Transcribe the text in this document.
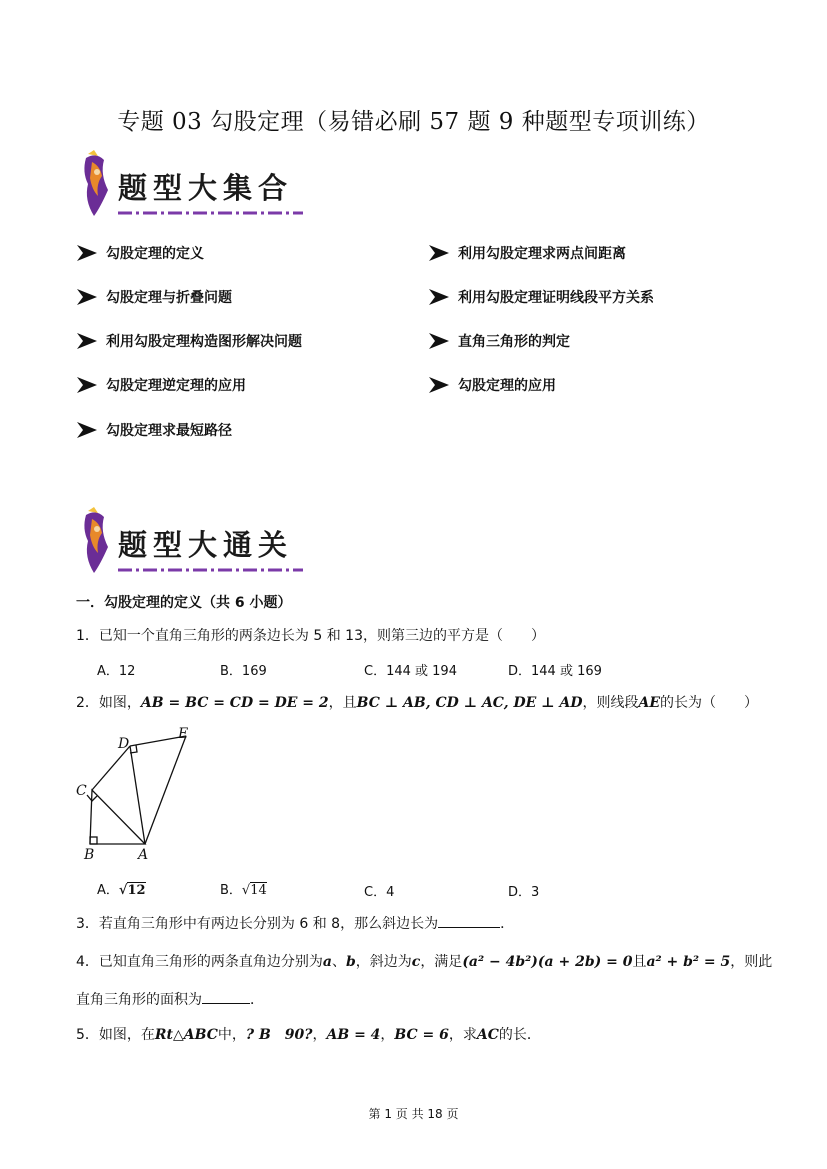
专题 03 勾股定理（易错必刷 57 题 9 种题型专项训练）
题型大集合
勾股定理的定义	利用勾股定理求两点间距离
勾股定理与折叠问题	利用勾股定理证明线段平方关系
利用勾股定理构造图形解决问题	直角三角形的判定
勾股定理逆定理的应用	勾股定理的应用
勾股定理求最短路径
题型大通关
一．勾股定理的定义（共 6 小题）
1．已知一个直角三角形的两条边长为 5 和 13，则第三边的平方是（　　）
A．12	B．169	C．144 或 194	D．144 或 169
2．如图，AB = BC = CD = DE = 2，且BC ⊥ AB, CD ⊥ AC, DE ⊥ AD，则线段AE的长为（　　）
C
D
E
B	A
A．√12	B．√14	C．4	D．3
3．若直角三角形中有两边长分别为 6 和 8，那么斜边长为	．
4．已知直角三角形的两条直角边分别为a、b，斜边为c，满足(a² − 4b²)(a + 2b) = 0且a² + b² = 5，则此
直角三角形的面积为	．
5．如图，在Rt△ABC中，? B　90?，AB = 4，BC = 6，求AC的长．
第 1 页 共 18 页
